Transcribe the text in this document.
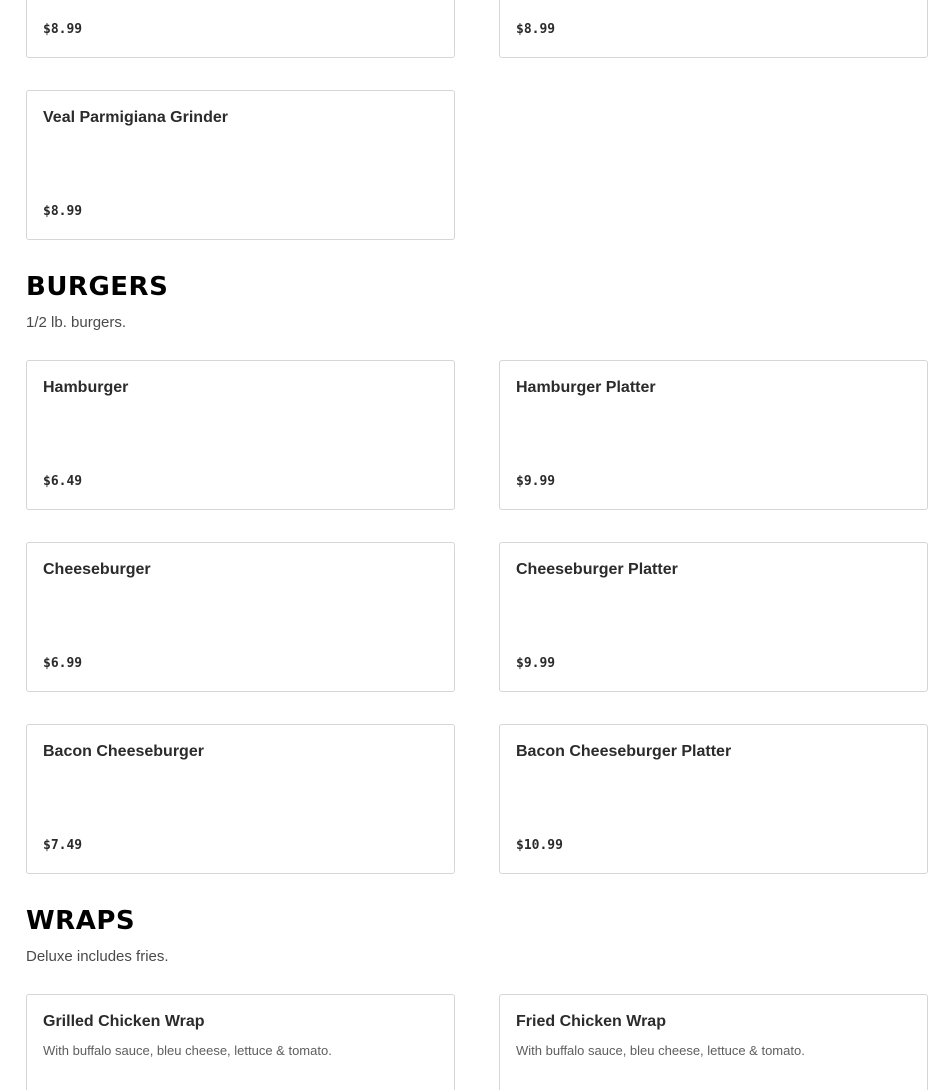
$8.99	$8.99
Veal Parmigiana Grinder
$8.99
BURGERS

1/2 lb. burgers.

Hamburger
$6.49
Hamburger Platter
$9.99
Cheeseburger
$6.99
Cheeseburger Platter
$9.99
Bacon Cheeseburger
$7.49
Bacon Cheeseburger Platter
$10.99
WRAPS

Deluxe includes fries.

Grilled Chicken Wrap
With buffalo sauce, bleu cheese, lettuce & tomato.
Fried Chicken Wrap
With buffalo sauce, bleu cheese, lettuce & tomato.
